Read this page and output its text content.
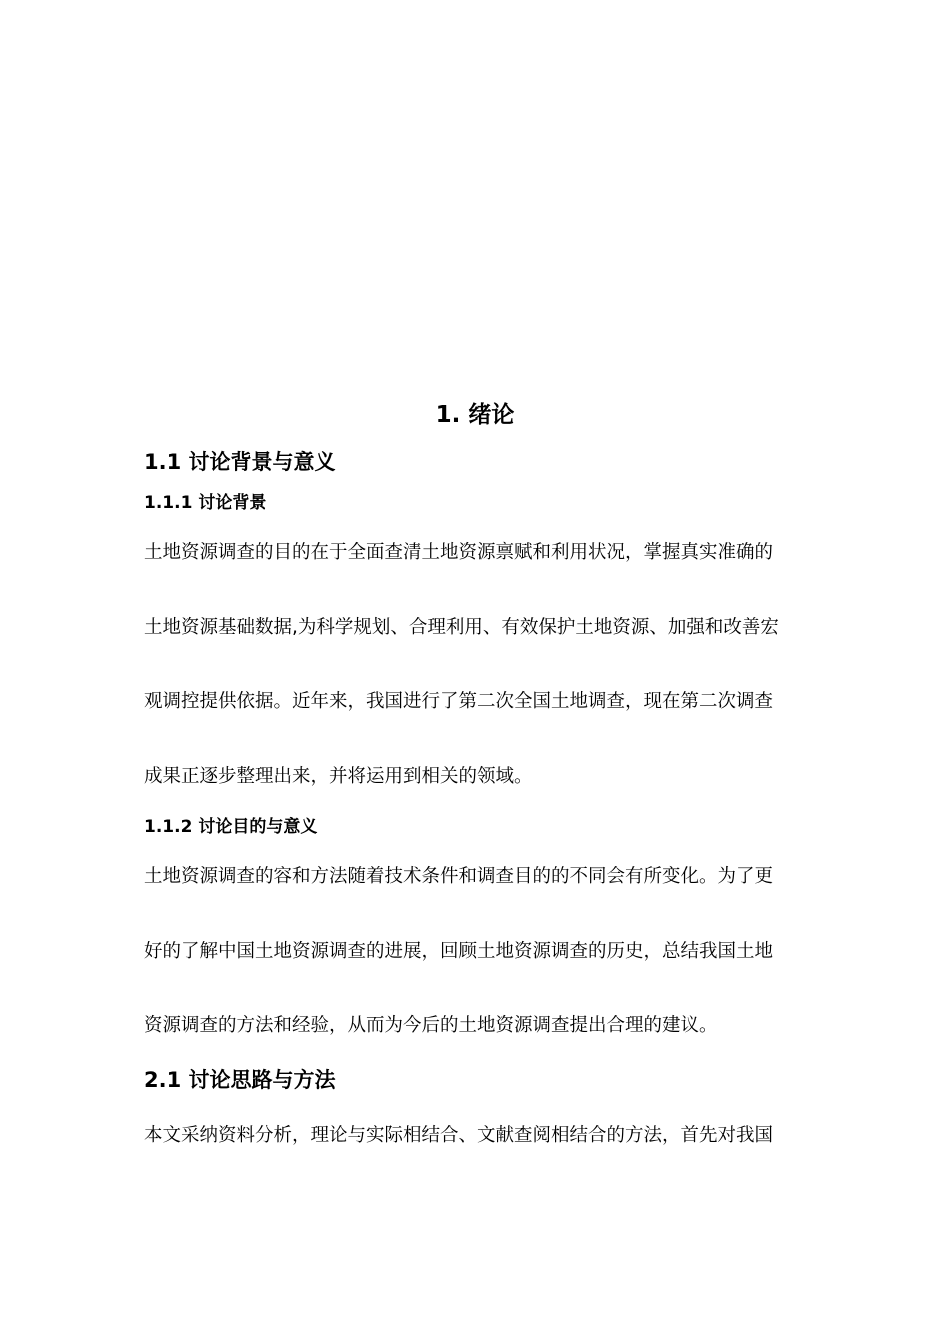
1. 绪论
1.1 讨论背景与意义
1.1.1 讨论背景
土地资源调查的目的在于全面查清土地资源禀赋和利用状况，掌握真实准确的
土地资源基础数据,为科学规划、合理利用、有效保护土地资源、加强和改善宏
观调控提供依据。近年来，我国进行了第二次全国土地调查，现在第二次调查
成果正逐步整理出来，并将运用到相关的领域。
1.1.2 讨论目的与意义
土地资源调查的容和方法随着技术条件和调查目的的不同会有所变化。为了更
好的了解中国土地资源调查的进展，回顾土地资源调查的历史，总结我国土地
资源调查的方法和经验，从而为今后的土地资源调查提出合理的建议。
2.1 讨论思路与方法
本文采纳资料分析，理论与实际相结合、文献查阅相结合的方法，首先对我国
